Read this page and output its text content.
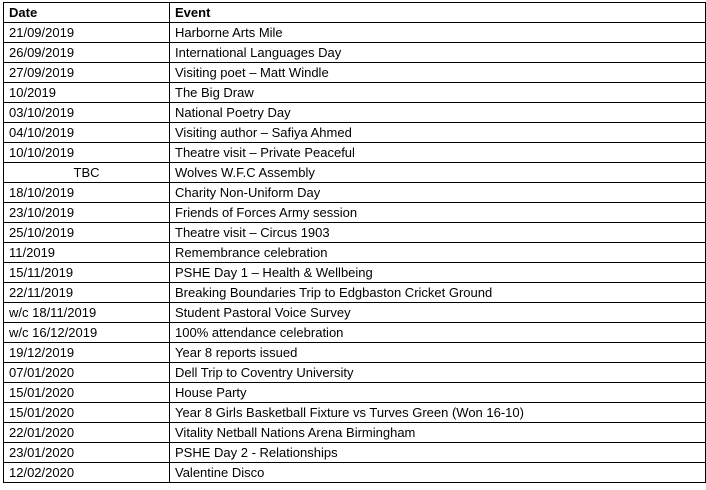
Date	Event
21/09/2019	Harborne Arts Mile
26/09/2019	International Languages Day
27/09/2019	Visiting poet – Matt Windle
10/2019	The Big Draw
03/10/2019	National Poetry Day
04/10/2019	Visiting author – Safiya Ahmed
10/10/2019	Theatre visit – Private Peaceful
TBC	Wolves W.F.C Assembly
18/10/2019	Charity Non-Uniform Day
23/10/2019	Friends of Forces Army session
25/10/2019	Theatre visit – Circus 1903
11/2019	Remembrance celebration
15/11/2019	PSHE Day 1 – Health & Wellbeing
22/11/2019	Breaking Boundaries Trip to Edgbaston Cricket Ground
w/c 18/11/2019	Student Pastoral Voice Survey
w/c 16/12/2019	100% attendance celebration
19/12/2019	Year 8 reports issued
07/01/2020	Dell Trip to Coventry University
15/01/2020	House Party
15/01/2020	Year 8 Girls Basketball Fixture vs Turves Green (Won 16-10)
22/01/2020	Vitality Netball Nations Arena Birmingham
23/01/2020	PSHE Day 2 - Relationships
12/02/2020	Valentine Disco
